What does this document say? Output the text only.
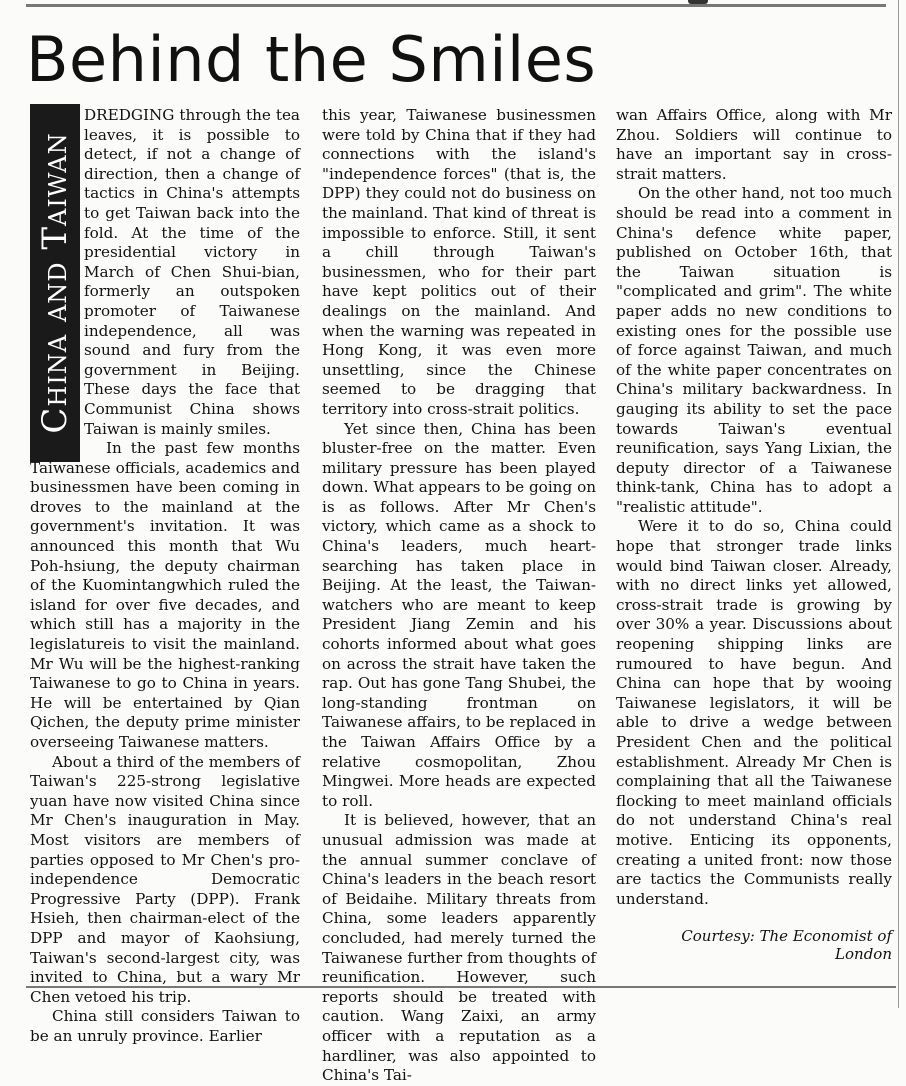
Behind the Smiles
China and Taiwan

DREDGING through the tea leaves, it is possible to detect, if not a change of direction, then a change of tactics in China's attempts to get Taiwan back into the fold. At the time of the presidential victory in March of Chen Shui-bian, formerly an outspoken promoter of Taiwanese independence, all was sound and fury from the government in Beijing. These days the face that Communist China shows Taiwan is mainly smiles.

In the past few months Taiwanese officials, academics and businessmen have been coming in droves to the mainland at the government's invitation. It was announced this month that Wu Poh-hsiung, the deputy chairman of the Kuomintangwhich ruled the island for over five decades, and which still has a majority in the legislatureis to visit the mainland. Mr Wu will be the highest-ranking Taiwanese to go to China in years. He will be entertained by Qian Qichen, the deputy prime minister overseeing Taiwanese matters.

About a third of the members of Taiwan's 225-strong legislative yuan have now visited China since Mr Chen's inauguration in May. Most visitors are members of parties opposed to Mr Chen's pro-independence Democratic Progressive Party (DPP). Frank Hsieh, then chairman-elect of the DPP and mayor of Kaohsiung, Taiwan's second-largest city, was invited to China, but a wary Mr Chen vetoed his trip.

China still considers Taiwan to be an unruly province. Earlier

this year, Taiwanese businessmen were told by China that if they had connections with the island's "independence forces" (that is, the DPP) they could not do business on the mainland. That kind of threat is impossible to enforce. Still, it sent a chill through Taiwan's businessmen, who for their part have kept politics out of their dealings on the mainland. And when the warning was repeated in Hong Kong, it was even more unsettling, since the Chinese seemed to be dragging that territory into cross-strait politics.

Yet since then, China has been bluster-free on the matter. Even military pressure has been played down. What appears to be going on is as follows. After Mr Chen's victory, which came as a shock to China's leaders, much heart-searching has taken place in Beijing. At the least, the Taiwan-watchers who are meant to keep President Jiang Zemin and his cohorts informed about what goes on across the strait have taken the rap. Out has gone Tang Shubei, the long-standing frontman on Taiwanese affairs, to be replaced in the Taiwan Affairs Office by a relative cosmopolitan, Zhou Mingwei. More heads are expected to roll.

It is believed, however, that an unusual admission was made at the annual summer conclave of China's leaders in the beach resort of Beidaihe. Military threats from China, some leaders apparently concluded, had merely turned the Taiwanese further from thoughts of reunification. However, such reports should be treated with caution. Wang Zaixi, an army officer with a reputation as a hardliner, was also appointed to China's Tai-

wan Affairs Office, along with Mr Zhou. Soldiers will continue to have an important say in cross-strait matters.

On the other hand, not too much should be read into a comment in China's defence white paper, published on October 16th, that the Taiwan situation is "complicated and grim". The white paper adds no new conditions to existing ones for the possible use of force against Taiwan, and much of the white paper concentrates on China's military backwardness. In gauging its ability to set the pace towards Taiwan's eventual reunification, says Yang Lixian, the deputy director of a Taiwanese think-tank, China has to adopt a "realistic attitude".

Were it to do so, China could hope that stronger trade links would bind Taiwan closer. Already, with no direct links yet allowed, cross-strait trade is growing by over 30% a year. Discussions about reopening shipping links are rumoured to have begun. And China can hope that by wooing Taiwanese legislators, it will be able to drive a wedge between President Chen and the political establishment. Already Mr Chen is complaining that all the Taiwanese flocking to meet mainland officials do not understand China's real motive. Enticing its opponents, creating a united front: now those are tactics the Communists really understand.

Courtesy: The Economist of
London
